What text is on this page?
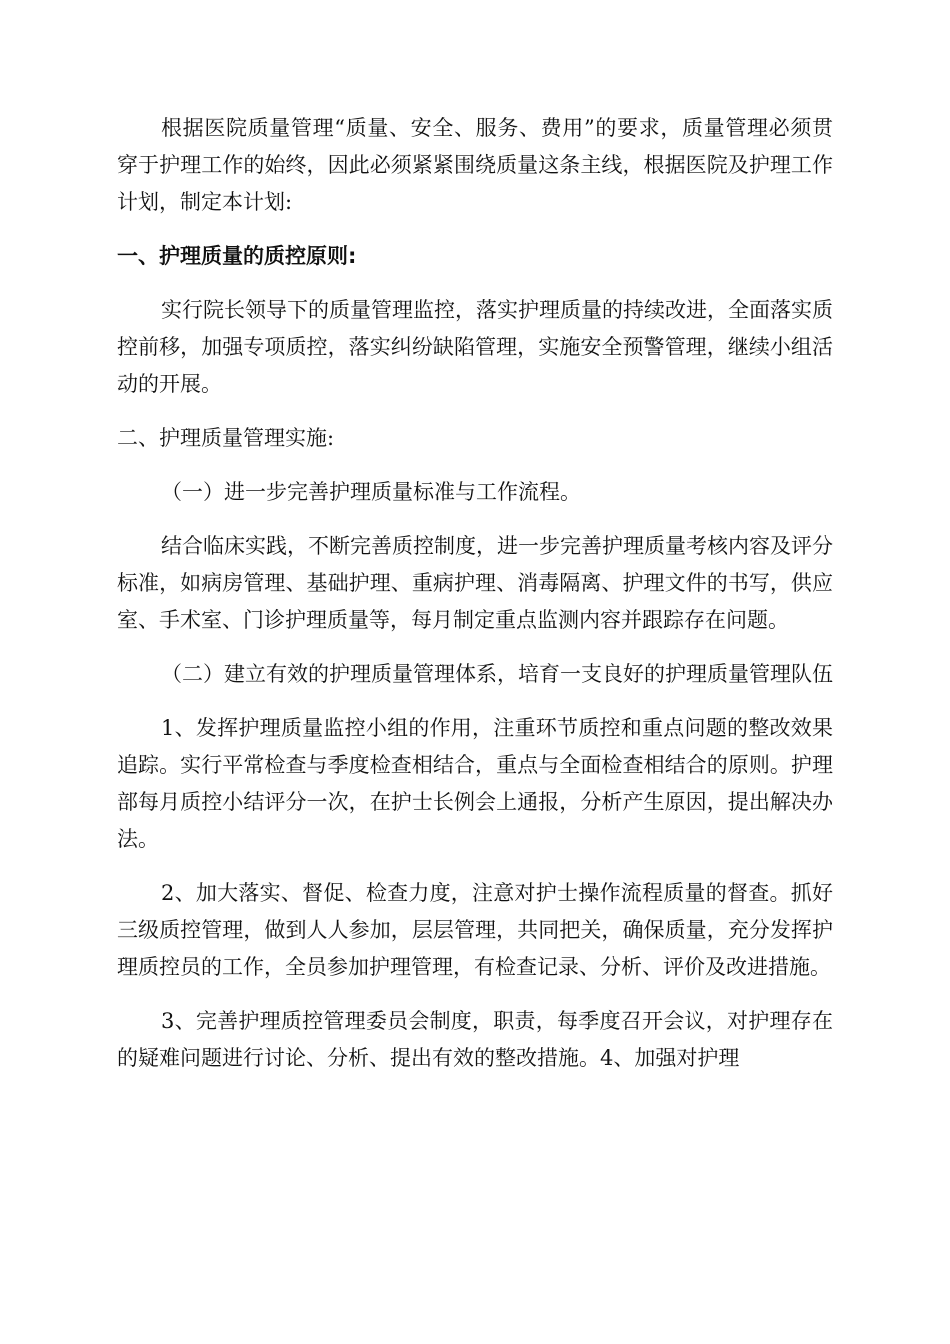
根据医院质量管理“质量、安全、服务、费用”的要求，质量管理必须贯穿于护理工作的始终，因此必须紧紧围绕质量这条主线，根据医院及护理工作计划，制定本计划:

一、护理质量的质控原则:

实行院长领导下的质量管理监控，落实护理质量的持续改进，全面落实质控前移，加强专项质控，落实纠纷缺陷管理，实施安全预警管理，继续小组活动的开展。

二、护理质量管理实施:

（一）进一步完善护理质量标准与工作流程。

结合临床实践，不断完善质控制度，进一步完善护理质量考核内容及评分标准，如病房管理、基础护理、重病护理、消毒隔离、护理文件的书写，供应室、手术室、门诊护理质量等，每月制定重点监测内容并跟踪存在问题。

（二）建立有效的护理质量管理体系，培育一支良好的护理质量管理队伍

1、发挥护理质量监控小组的作用，注重环节质控和重点问题的整改效果追踪。实行平常检查与季度检查相结合，重点与全面检查相结合的原则。护理部每月质控小结评分一次，在护士长例会上通报，分析产生原因，提出解决办法。

2、加大落实、督促、检查力度，注意对护士操作流程质量的督查。抓好三级质控管理，做到人人参加，层层管理，共同把关，确保质量，充分发挥护理质控员的工作，全员参加护理管理，有检查记录、分析、评价及改进措施。

3、完善护理质控管理委员会制度，职责，每季度召开会议，对护理存在的疑难问题进行讨论、分析、提出有效的整改措施。4、加强对护理
